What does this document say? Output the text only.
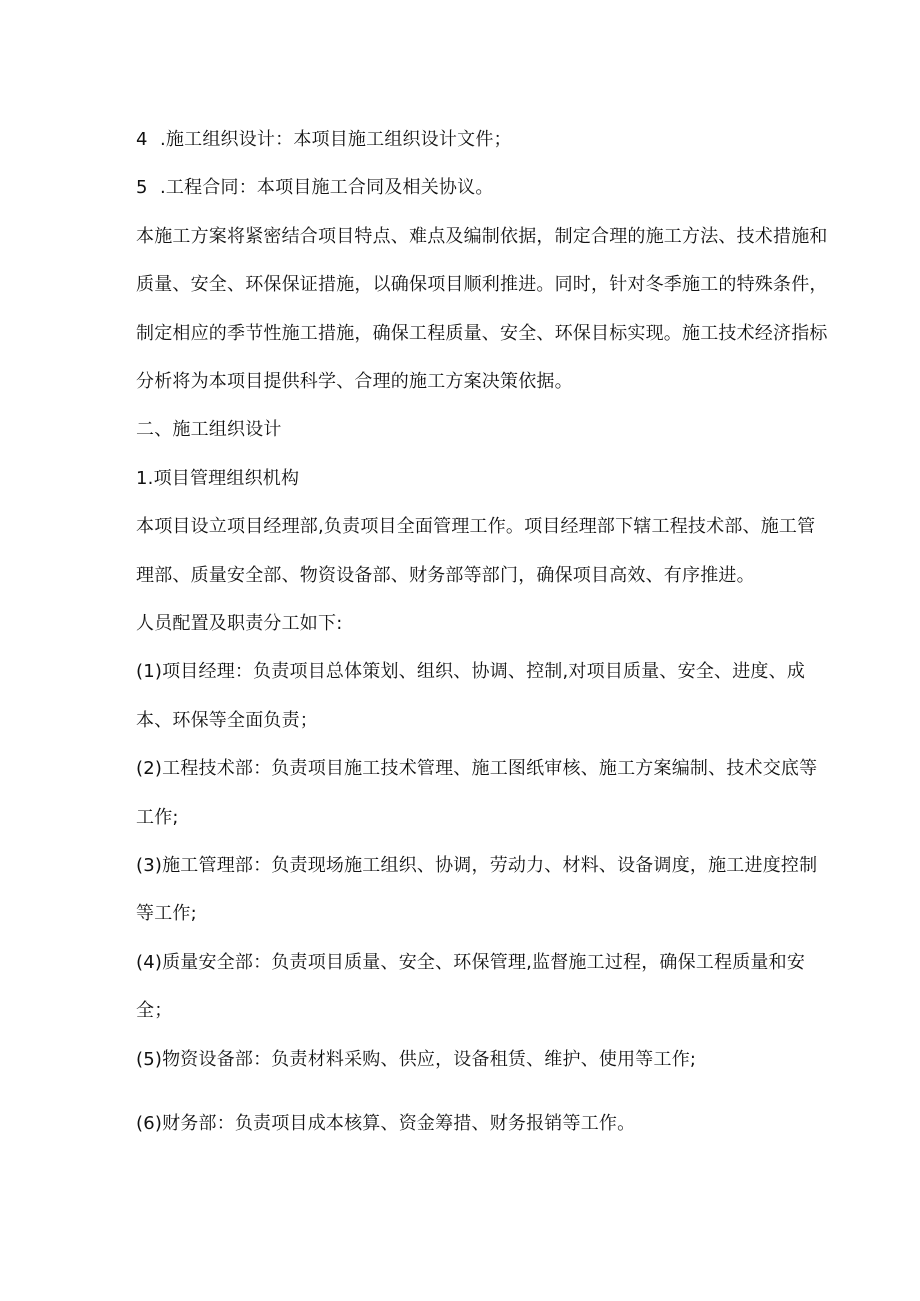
4 .施工组织设计：本项目施工组织设计文件；
5 .工程合同：本项目施工合同及相关协议。
本施工方案将紧密结合项目特点、难点及编制依据，制定合理的施工方法、技术措施和
质量、安全、环保保证措施，以确保项目顺利推进。同时，针对冬季施工的特殊条件，
制定相应的季节性施工措施，确保工程质量、安全、环保目标实现。施工技术经济指标
分析将为本项目提供科学、合理的施工方案决策依据。
二、施工组织设计
1.项目管理组织机构
本项目设立项目经理部,负责项目全面管理工作。项目经理部下辖工程技术部、施工管
理部、质量安全部、物资设备部、财务部等部门，确保项目高效、有序推进。
人员配置及职责分工如下:
(1)项目经理：负责项目总体策划、组织、协调、控制,对项目质量、安全、进度、成
本、环保等全面负责；
(2)工程技术部：负责项目施工技术管理、施工图纸审核、施工方案编制、技术交底等
工作;
(3)施工管理部：负责现场施工组织、协调，劳动力、材料、设备调度，施工进度控制
等工作;
(4)质量安全部：负责项目质量、安全、环保管理,监督施工过程，确保工程质量和安
全；
(5)物资设备部：负责材料采购、供应，设备租赁、维护、使用等工作;
(6)财务部：负责项目成本核算、资金筹措、财务报销等工作。
